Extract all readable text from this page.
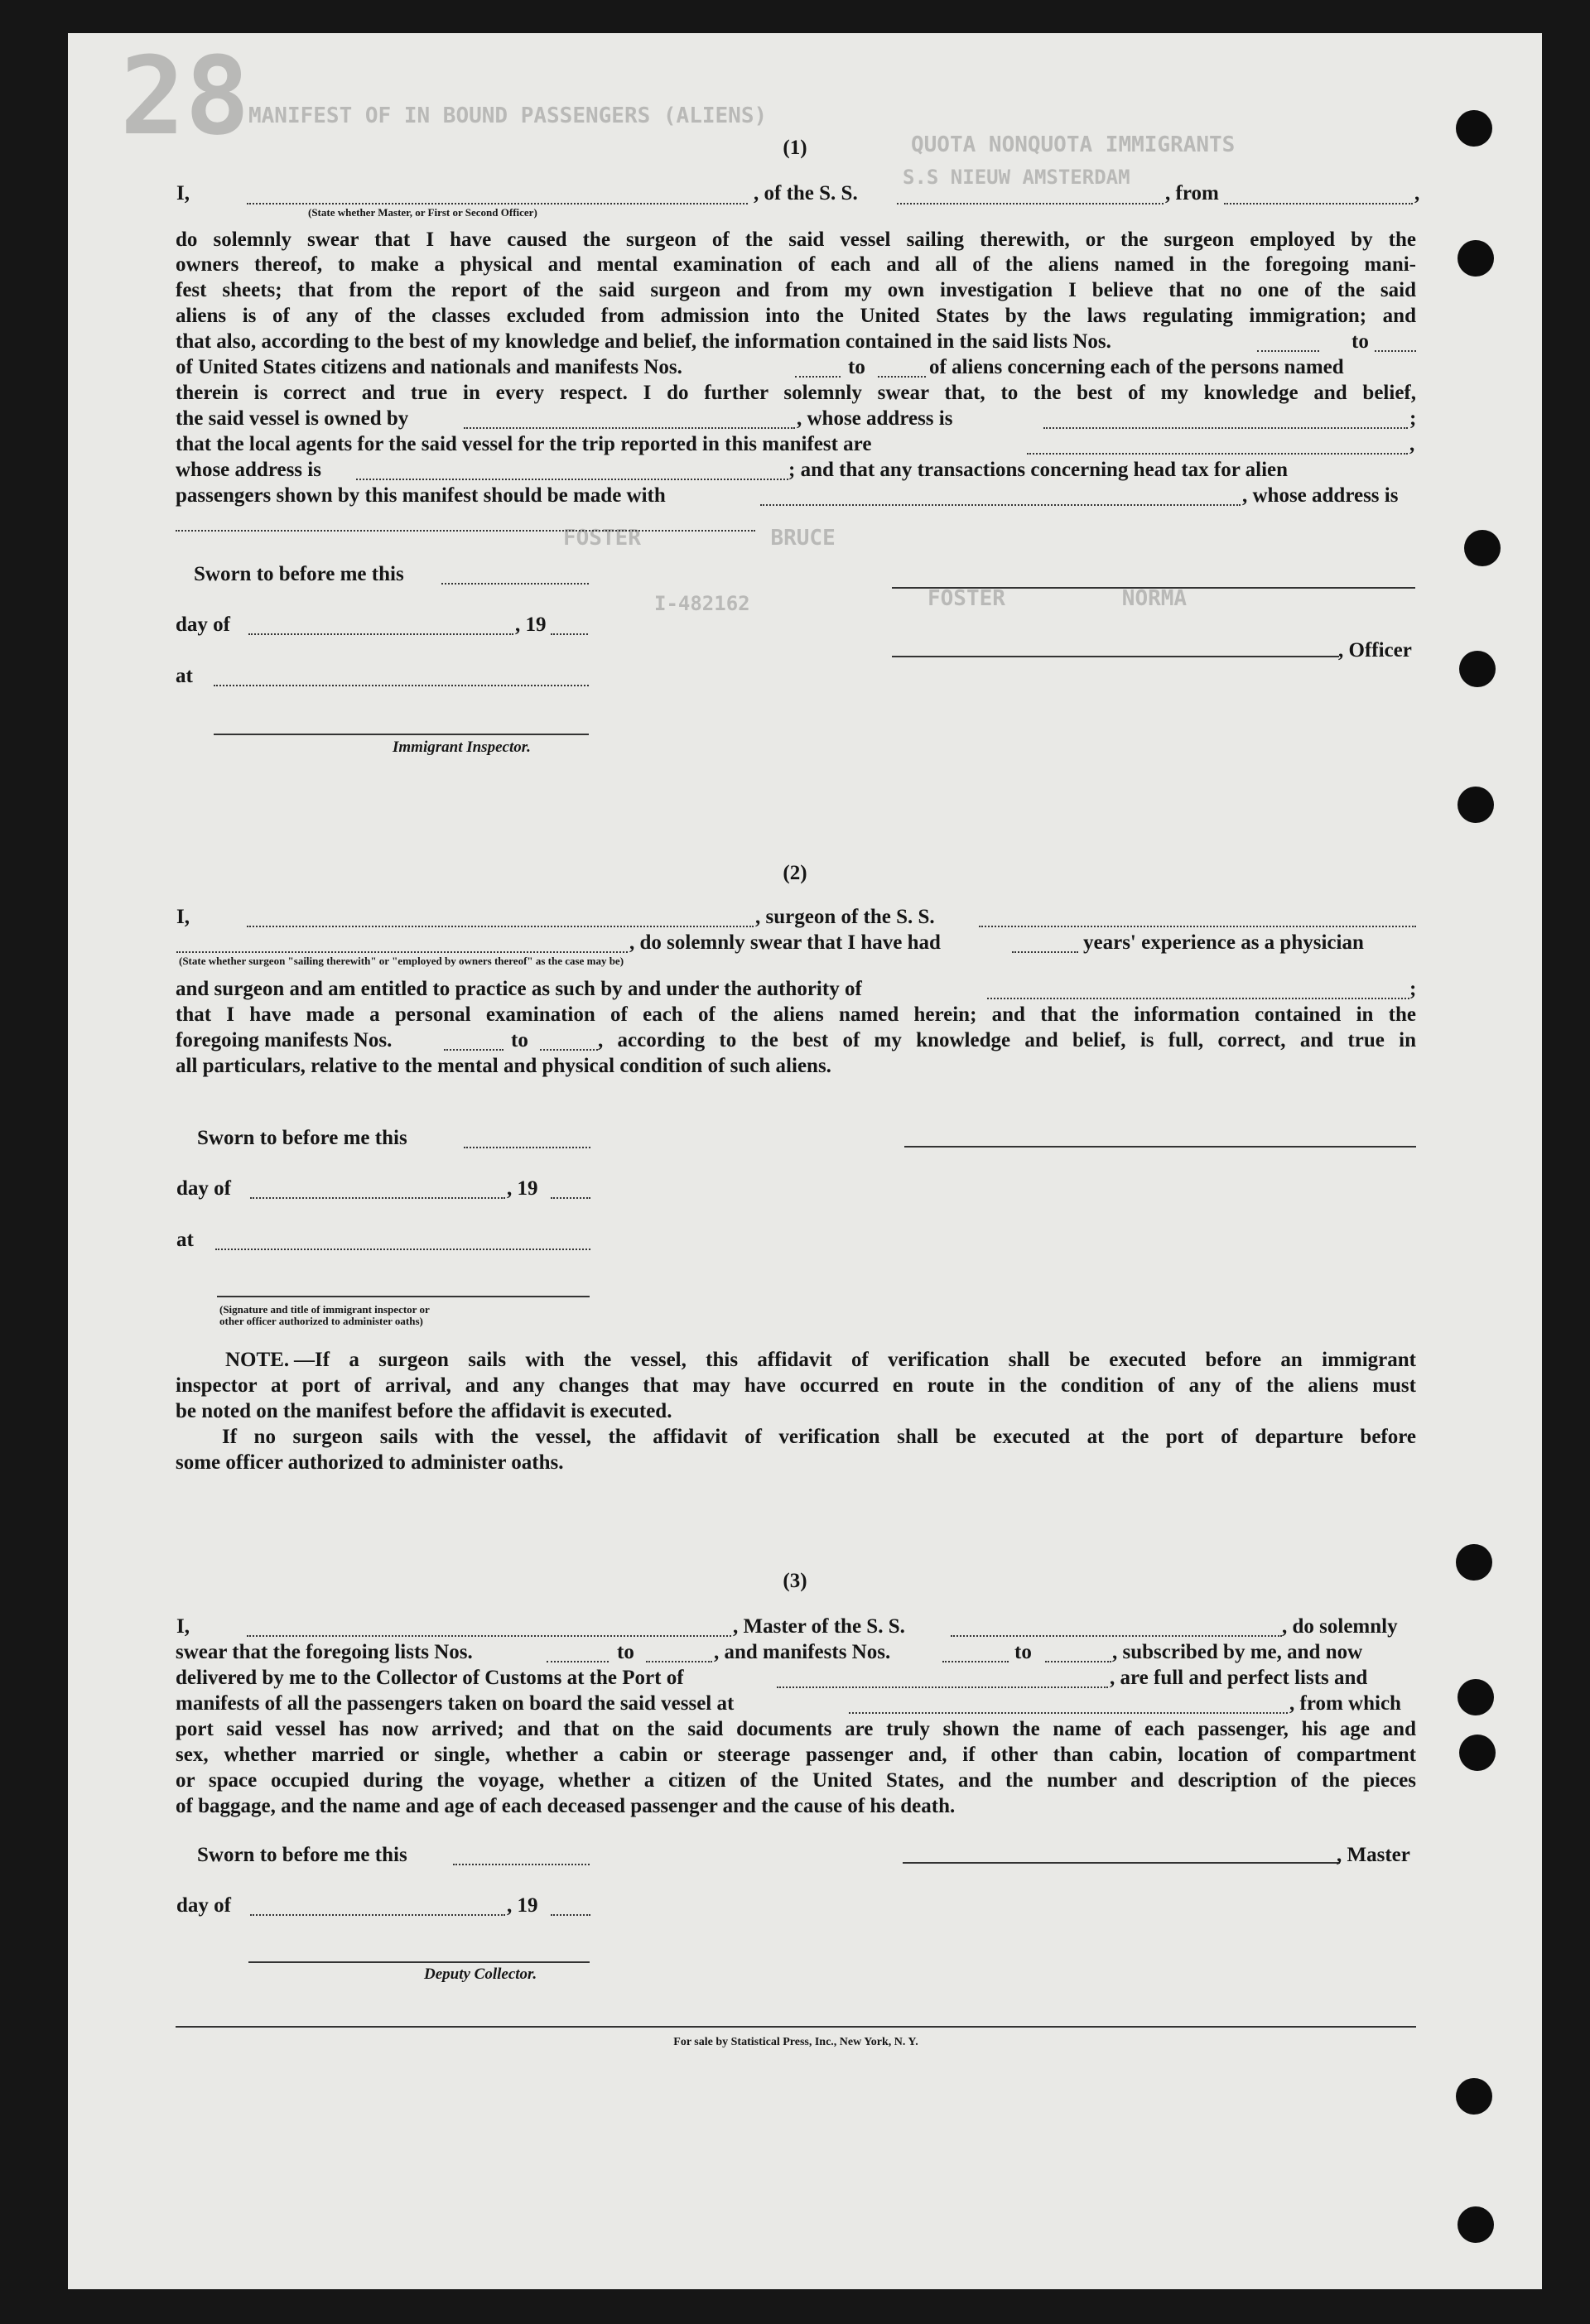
28
MANIFEST OF IN BOUND PASSENGERS (ALIENS)
QUOTA NONQUOTA IMMIGRANTS
S.S NIEUW AMSTERDAM
FOSTER          BRUCE
FOSTER         NORMA
I-482162
(1)
I,
(State whether Master, or First or Second Officer)
, of the S. S.	, from	,
do solemnly swear that I have caused the surgeon of the said vessel sailing therewith, or the surgeon employed by the
owners thereof, to make a physical and mental examination of each and all of the aliens named in the foregoing mani-
fest sheets; that from the report of the said surgeon and from my own investigation I believe that no one of the said
aliens is of any of the classes excluded from admission into the United States by the laws regulating immigration; and
that also, according to the best of my knowledge and belief, the information contained in the said lists Nos.	to
of United States citizens and nationals and manifests Nos.	to	of aliens concerning each of the persons named
therein is correct and true in every respect. I do further solemnly swear that, to the best of my knowledge and belief,
the said vessel is owned by	, whose address is	;
that the local agents for the said vessel for the trip reported in this manifest are	,
whose address is	; and that any transactions concerning head tax for alien
passengers shown by this manifest should be made with	, whose address is
Sworn to before me this
day of	, 19
, Officer
at
Immigrant Inspector.
(2)
I,	, surgeon of the S. S.
, do solemnly swear that I have had	years' experience as a physician
(State whether surgeon "sailing therewith" or "employed by owners thereof" as the case may be)
and surgeon and am entitled to practice as such by and under the authority of	;
that I have made a personal examination of each of the aliens named herein; and that the information contained in the
foregoing manifests Nos.	to	, according to the best of my knowledge and belief, is full, correct, and true in
all particulars, relative to the mental and physical condition of such aliens.
Sworn to before me this
day of	, 19
at
(Signature and title of immigrant inspector or
other officer authorized to administer oaths)
NOTE. —If a surgeon sails with the vessel, this affidavit of verification shall be executed before an immigrant
inspector at port of arrival, and any changes that may have occurred en route in the condition of any of the aliens must
be noted on the manifest before the affidavit is executed.
If no surgeon sails with the vessel, the affidavit of verification shall be executed at the port of departure before
some officer authorized to administer oaths.
(3)
I,	, Master of the S. S.	, do solemnly
swear that the foregoing lists Nos.	to	, and manifests Nos.	to	, subscribed by me, and now
delivered by me to the Collector of Customs at the Port of	, are full and perfect lists and
manifests of all the passengers taken on board the said vessel at	, from which
port said vessel has now arrived; and that on the said documents are truly shown the name of each passenger, his age and
sex, whether married or single, whether a cabin or steerage passenger and, if other than cabin, location of compartment
or space occupied during the voyage, whether a citizen of the United States, and the number and description of the pieces
of baggage, and the name and age of each deceased passenger and the cause of his death.
Sworn to before me this	, Master
day of	, 19
Deputy Collector.
For sale by Statistical Press, Inc., New York, N. Y.
